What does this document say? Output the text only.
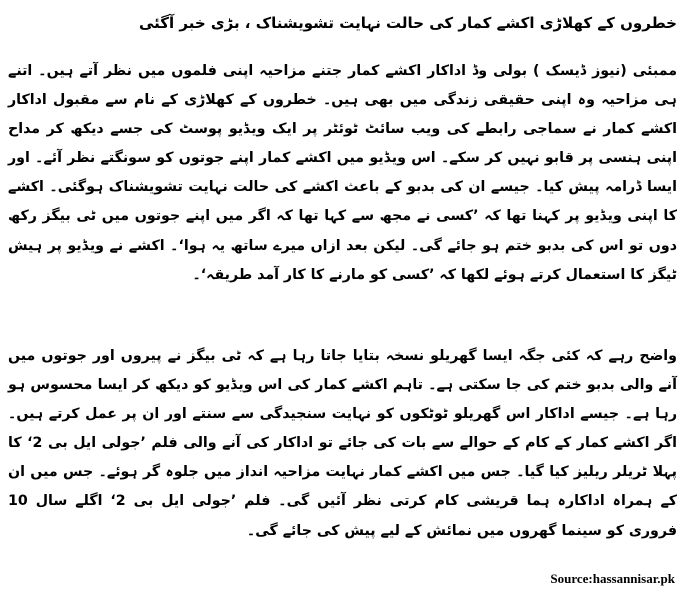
خطروں کے کھلاڑی اکشے کمار کی حالت نہایت تشویشناک ، بڑی خبر آگئی

ممبئی (نیوز ڈیسک ) بولی وڈ اداکار اکشے کمار جتنے مزاحیہ اپنی فلموں میں نظر آتے ہیں۔ اتنے ہی مزاحیہ وہ اپنی حقیقی زندگی میں بھی ہیں۔ خطروں کے کھلاڑی کے نام سے مقبول اداکار اکشے کمار نے سماجی رابطے کی ویب سائٹ ٹوئٹر پر ایک ویڈیو پوسٹ کی جسے دیکھ کر مداح اپنی ہنسی پر قابو نہیں کر سکے۔ اس ویڈیو میں اکشے کمار اپنے جوتوں کو سونگتے نظر آئے۔ اور ایسا ڈرامہ پیش کیا۔ جیسے ان کی بدبو کے باعث اکشے کی حالت نہایت تشویشناک ہوگئی۔ اکشے کا اپنی ویڈیو پر کہنا تھا کہ ’کسی نے مجھ سے کہا تھا کہ اگر میں اپنے جوتوں میں ٹی بیگز رکھ دوں تو اس کی بدبو ختم ہو جائے گی۔ لیکن بعد ازاں میرے ساتھ یہ ہوا‘۔ اکشے نے ویڈیو پر ہیش ٹیگز کا استعمال کرتے ہوئے لکھا کہ ’کسی کو مارنے کا کار آمد طریقہ‘۔

واضح رہے کہ کئی جگہ ایسا گھریلو نسخہ بتایا جاتا رہا ہے کہ ٹی بیگز نے پیروں اور جوتوں میں آنے والی بدبو ختم کی جا سکتی ہے۔ تاہم اکشے کمار کی اس ویڈیو کو دیکھ کر ایسا محسوس ہو رہا ہے۔ جیسے اداکار اس گھریلو ٹوٹکوں کو نہایت سنجیدگی سے سنتے اور ان پر عمل کرتے ہیں۔ اگر اکشے کمار کے کام کے حوالے سے بات کی جائے تو اداکار کی آنے والی فلم ’جولی ایل بی 2‘ کا پہلا ٹریلر ریلیز کیا گیا۔ جس میں اکشے کمار نہایت مزاحیہ انداز میں جلوہ گر ہوئے۔ جس میں ان کے ہمراہ اداکارہ ہما قریشی کام کرتی نظر آئیں گی۔ فلم ’جولی ایل بی 2‘ اگلے سال 10 فروری کو سینما گھروں میں نمائش کے لیے پیش کی جائے گی۔

Source:hassannisar.pk
